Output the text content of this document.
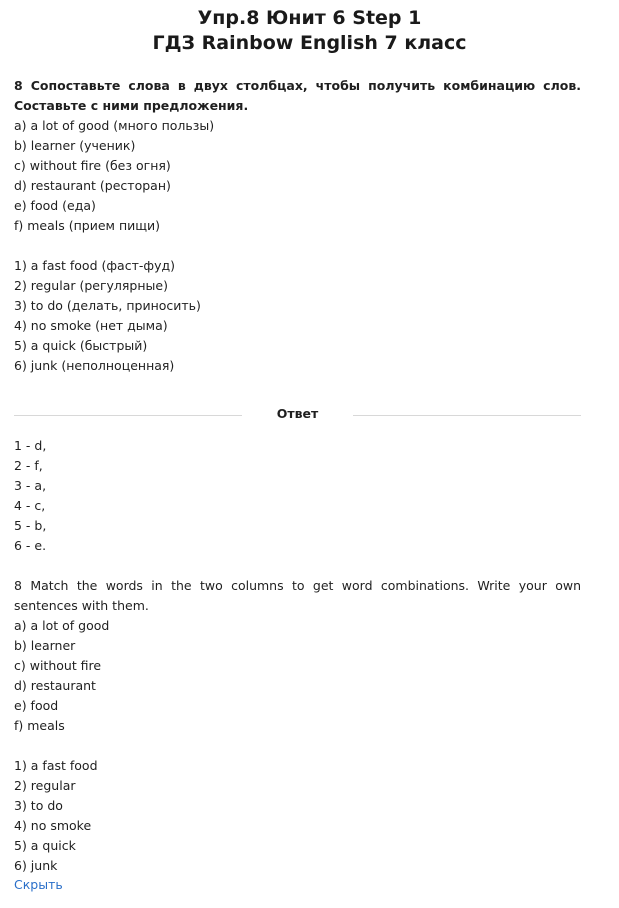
Упр.8 Юнит 6 Step 1
ГДЗ Rainbow English 7 класс
8 Сопоставьте слова в двух столбцах, чтобы получить комбинацию слов. Составьте с ними предложения.
a) a lot of good (много пользы)
b) learner (ученик)
c) without fire (без огня)
d) restaurant (ресторан)
e) food (еда)
f) meals (прием пищи)
1) a fast food (фаст-фуд)
2) regular (регулярные)
3) to do (делать, приносить)
4) no smoke (нет дыма)
5) a quick (быстрый)
6) junk (неполноценная)
Ответ
1 - d,
2 - f,
3 - a,
4 - c,
5 - b,
6 - e.
8 Match the words in the two columns to get word combinations. Write your own sentences with them.
a) a lot of good
b) learner
c) without fire
d) restaurant
e) food
f) meals
1) a fast food
2) regular
3) to do
4) no smoke
5) a quick
6) junk
Скрыть
